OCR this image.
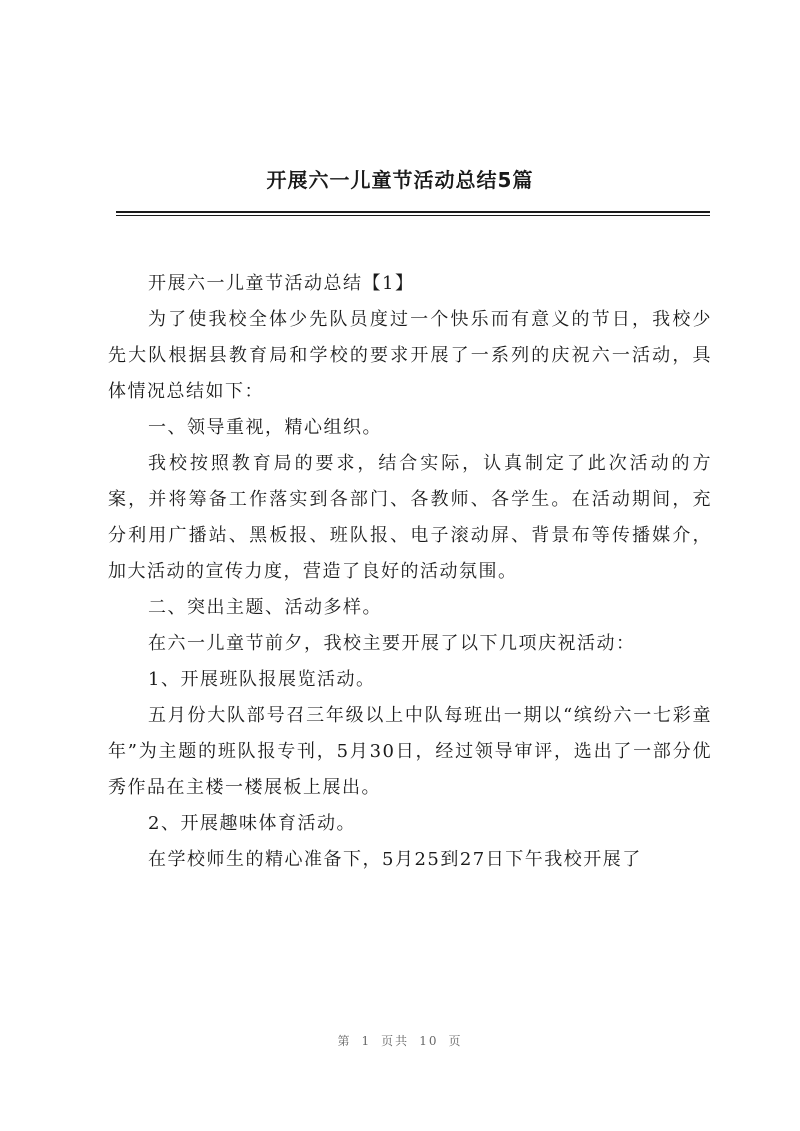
开展六一儿童节活动总结5篇

开展六一儿童节活动总结【1】

为了使我校全体少先队员度过一个快乐而有意义的节日，我校少先大队根据县教育局和学校的要求开展了一系列的庆祝六一活动，具体情况总结如下：

一、领导重视，精心组织。

我校按照教育局的要求，结合实际，认真制定了此次活动的方案，并将筹备工作落实到各部门、各教师、各学生。在活动期间，充分利用广播站、黑板报、班队报、电子滚动屏、背景布等传播媒介，加大活动的宣传力度，营造了良好的活动氛围。

二、突出主题、活动多样。

在六一儿童节前夕，我校主要开展了以下几项庆祝活动：

1、开展班队报展览活动。

五月份大队部号召三年级以上中队每班出一期以“缤纷六一七彩童年”为主题的班队报专刊，5月30日，经过领导审评，选出了一部分优秀作品在主楼一楼展板上展出。

2、开展趣味体育活动。

在学校师生的精心准备下，5月25到27日下午我校开展了

第 1 页共 10 页
